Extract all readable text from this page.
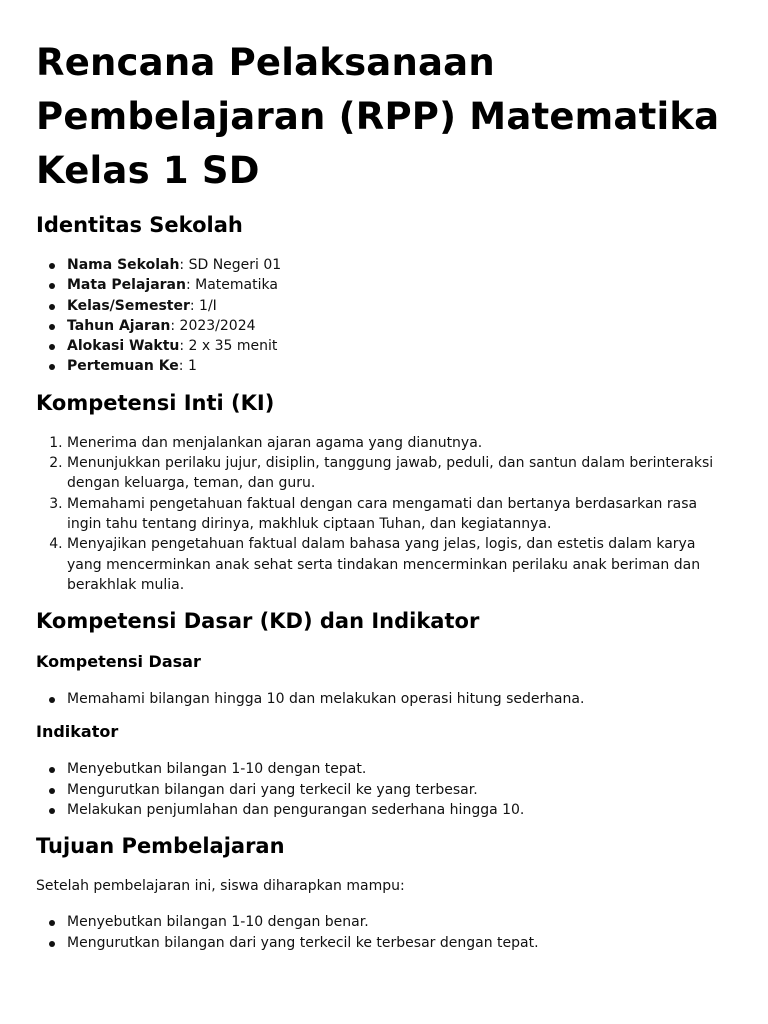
Rencana Pelaksanaan Pembelajaran (RPP) Matematika Kelas 1 SD
Identitas Sekolah
Nama Sekolah: SD Negeri 01
Mata Pelajaran: Matematika
Kelas/Semester: 1/I
Tahun Ajaran: 2023/2024
Alokasi Waktu: 2 x 35 menit
Pertemuan Ke: 1
Kompetensi Inti (KI)
1. Menerima dan menjalankan ajaran agama yang dianutnya.
2. Menunjukkan perilaku jujur, disiplin, tanggung jawab, peduli, dan santun dalam berinteraksi dengan keluarga, teman, dan guru.
3. Memahami pengetahuan faktual dengan cara mengamati dan bertanya berdasarkan rasa ingin tahu tentang dirinya, makhluk ciptaan Tuhan, dan kegiatannya.
4. Menyajikan pengetahuan faktual dalam bahasa yang jelas, logis, dan estetis dalam karya yang mencerminkan anak sehat serta tindakan mencerminkan perilaku anak beriman dan berakhlak mulia.
Kompetensi Dasar (KD) dan Indikator
Kompetensi Dasar
Memahami bilangan hingga 10 dan melakukan operasi hitung sederhana.
Indikator
Menyebutkan bilangan 1-10 dengan tepat.
Mengurutkan bilangan dari yang terkecil ke yang terbesar.
Melakukan penjumlahan dan pengurangan sederhana hingga 10.
Tujuan Pembelajaran

Setelah pembelajaran ini, siswa diharapkan mampu:

Menyebutkan bilangan 1-10 dengan benar.
Mengurutkan bilangan dari yang terkecil ke terbesar dengan tepat.
